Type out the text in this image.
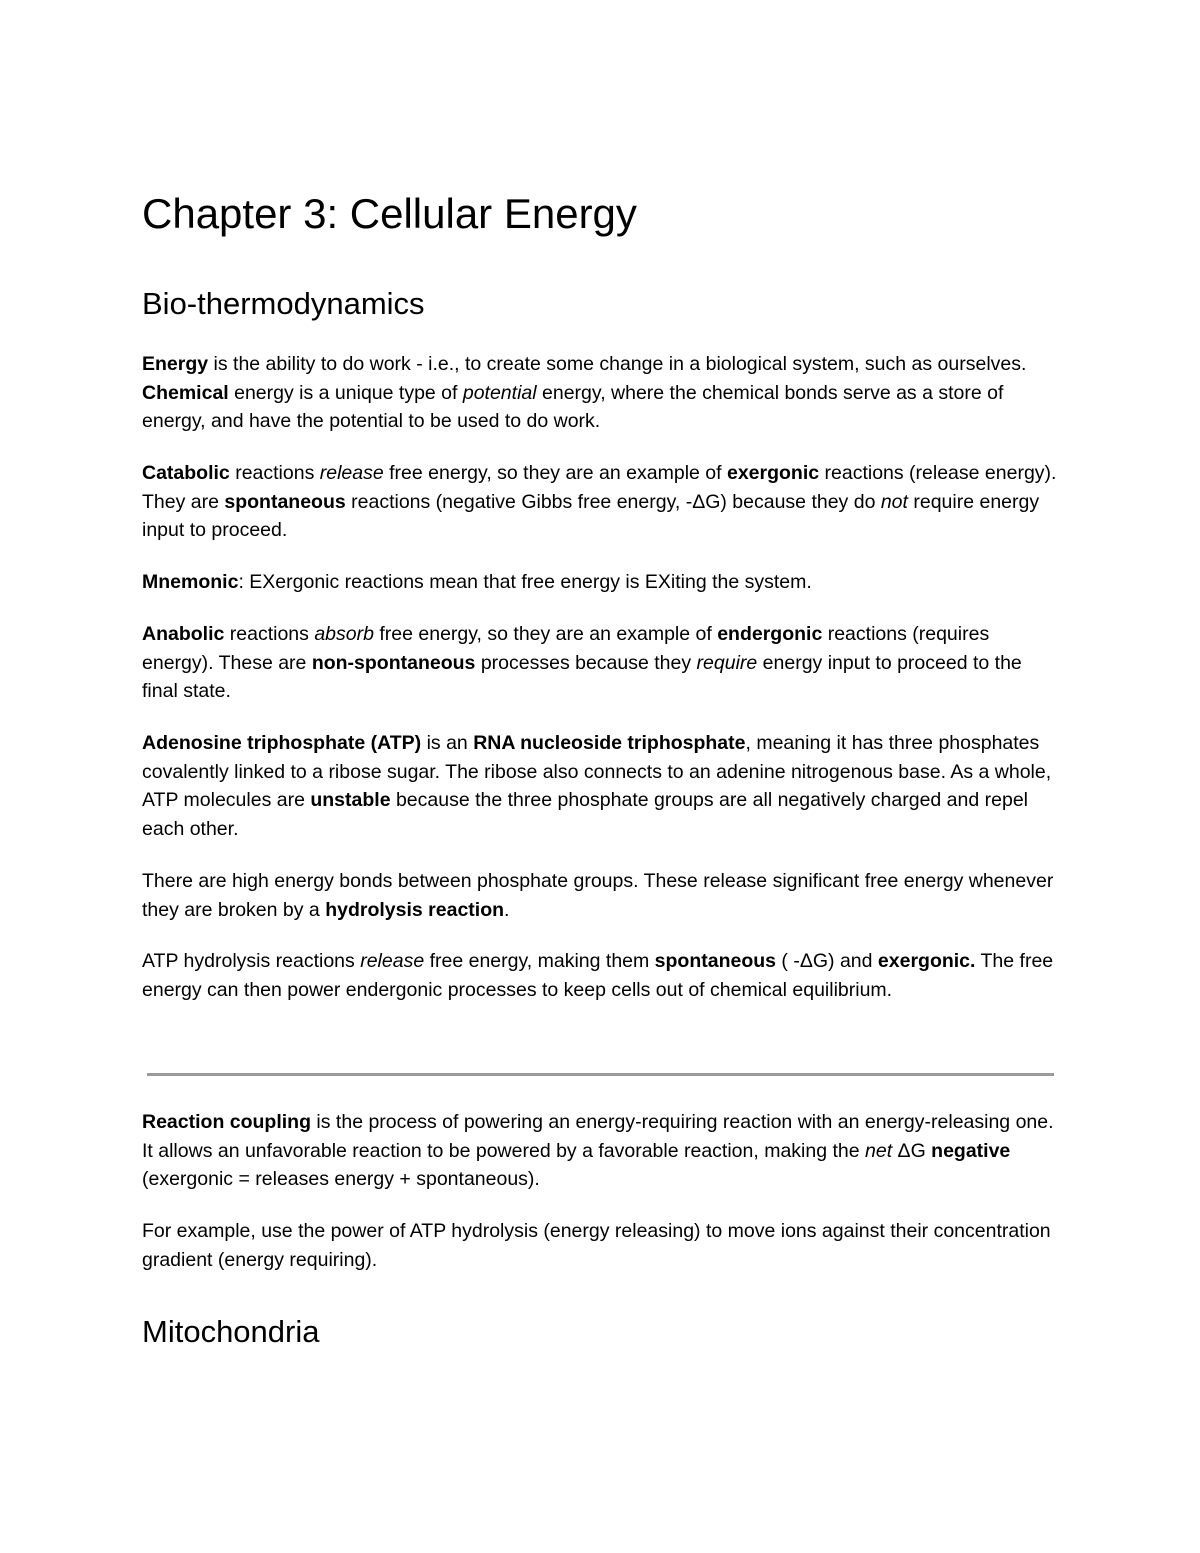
Chapter 3: Cellular Energy
Bio-thermodynamics

Energy is the ability to do work - i.e., to create some change in a biological system, such as ourselves. Chemical energy is a unique type of potential energy, where the chemical bonds serve as a store of energy, and have the potential to be used to do work.

Catabolic reactions release free energy, so they are an example of exergonic reactions (release energy). They are spontaneous reactions (negative Gibbs free energy, -ΔG) because they do not require energy input to proceed.

Mnemonic: EXergonic reactions mean that free energy is EXiting the system.

Anabolic reactions absorb free energy, so they are an example of endergonic reactions (requires energy). These are non-spontaneous processes because they require energy input to proceed to the final state.

Adenosine triphosphate (ATP) is an RNA nucleoside triphosphate, meaning it has three phosphates covalently linked to a ribose sugar. The ribose also connects to an adenine nitrogenous base. As a whole, ATP molecules are unstable because the three phosphate groups are all negatively charged and repel each other.

There are high energy bonds between phosphate groups. These release significant free energy whenever they are broken by a hydrolysis reaction.

ATP hydrolysis reactions release free energy, making them spontaneous ( -ΔG) and exergonic. The free energy can then power endergonic processes to keep cells out of chemical equilibrium.

Reaction coupling is the process of powering an energy-requiring reaction with an energy-releasing one. It allows an unfavorable reaction to be powered by a favorable reaction, making the net ΔG negative (exergonic = releases energy + spontaneous).

For example, use the power of ATP hydrolysis (energy releasing) to move ions against their concentration gradient (energy requiring).

Mitochondria
